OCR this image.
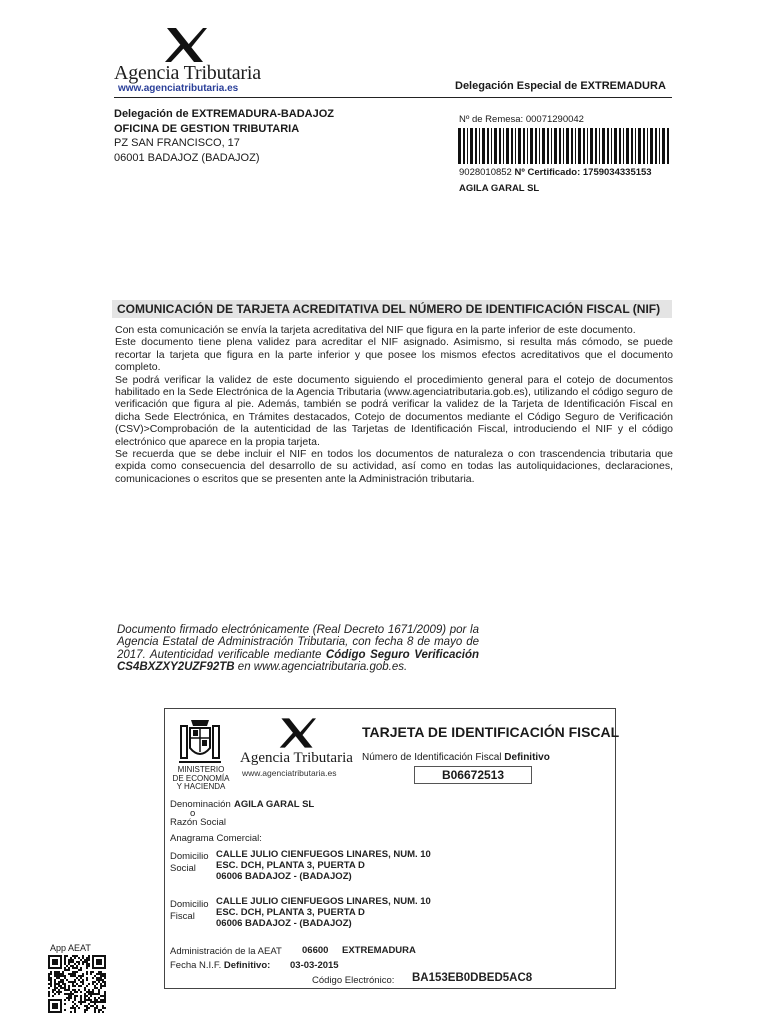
Agencia Tributaria
www.agenciatributaria.es	Delegación Especial de EXTREMADURA
Delegación de EXTREMADURA-BADAJOZ
OFICINA DE GESTION TRIBUTARIA
PZ SAN FRANCISCO, 17
06001 BADAJOZ (BADAJOZ)
Nº de Remesa: 00071290042
9028010852 Nº Certificado: 1759034335153
AGILA GARAL SL
COMUNICACIÓN DE TARJETA ACREDITATIVA DEL NÚMERO DE IDENTIFICACIÓN FISCAL (NIF)

Con esta comunicación se envía la tarjeta acreditativa del NIF que figura en la parte inferior de este documento.

Este documento tiene plena validez para acreditar el NIF asignado. Asimismo, si resulta más cómodo, se puede recortar la tarjeta que figura en la parte inferior y que posee los mismos efectos acreditativos que el documento completo.

Se podrá verificar la validez de este documento siguiendo el procedimiento general para el cotejo de documentos habilitado en la Sede Electrónica de la Agencia Tributaria (www.agenciatributaria.gob.es), utilizando el código seguro de verificación que figura al pie. Además, también se podrá verificar la validez de la Tarjeta de Identificación Fiscal en dicha Sede Electrónica, en Trámites destacados, Cotejo de documentos mediante el Código Seguro de Verificación (CSV)>Comprobación de la autenticidad de las Tarjetas de Identificación Fiscal, introduciendo el NIF y el código electrónico que aparece en la propia tarjeta.

Se recuerda que se debe incluir el NIF en todos los documentos de naturaleza o con trascendencia tributaria que expida como consecuencia del desarrollo de su actividad, así como en todas las autoliquidaciones, declaraciones, comunicaciones o escritos que se presenten ante la Administración tributaria.

Documento firmado electrónicamente (Real Decreto 1671/2009) por la Agencia Estatal de Administración Tributaria, con fecha 8 de mayo de 2017. Autenticidad verificable mediante Código Seguro Verificación CS4BXZXY2UZF92TB en www.agenciatributaria.gob.es.
MINISTERIO
DE ECONOMÍA
Y HACIENDA
Agencia Tributaria
www.agenciatributaria.es
TARJETA DE IDENTIFICACIÓN FISCAL
Número de Identificación Fiscal Definitivo
B06672513
Denominación AGILA GARAL SL
o
Razón Social
Anagrama Comercial:
Domicilio
Social
CALLE JULIO CIENFUEGOS LINARES, NUM. 10
ESC. DCH, PLANTA 3, PUERTA D
06006 BADAJOZ - (BADAJOZ)
Domicilio
Fiscal
CALLE JULIO CIENFUEGOS LINARES, NUM. 10
ESC. DCH, PLANTA 3, PUERTA D
06006 BADAJOZ - (BADAJOZ)
Administración de la AEAT 06600 EXTREMADURA
Fecha N.I.F. Definitivo: 03-03-2015
Código Electrónico: BA153EB0DBED5AC8
App AEAT
